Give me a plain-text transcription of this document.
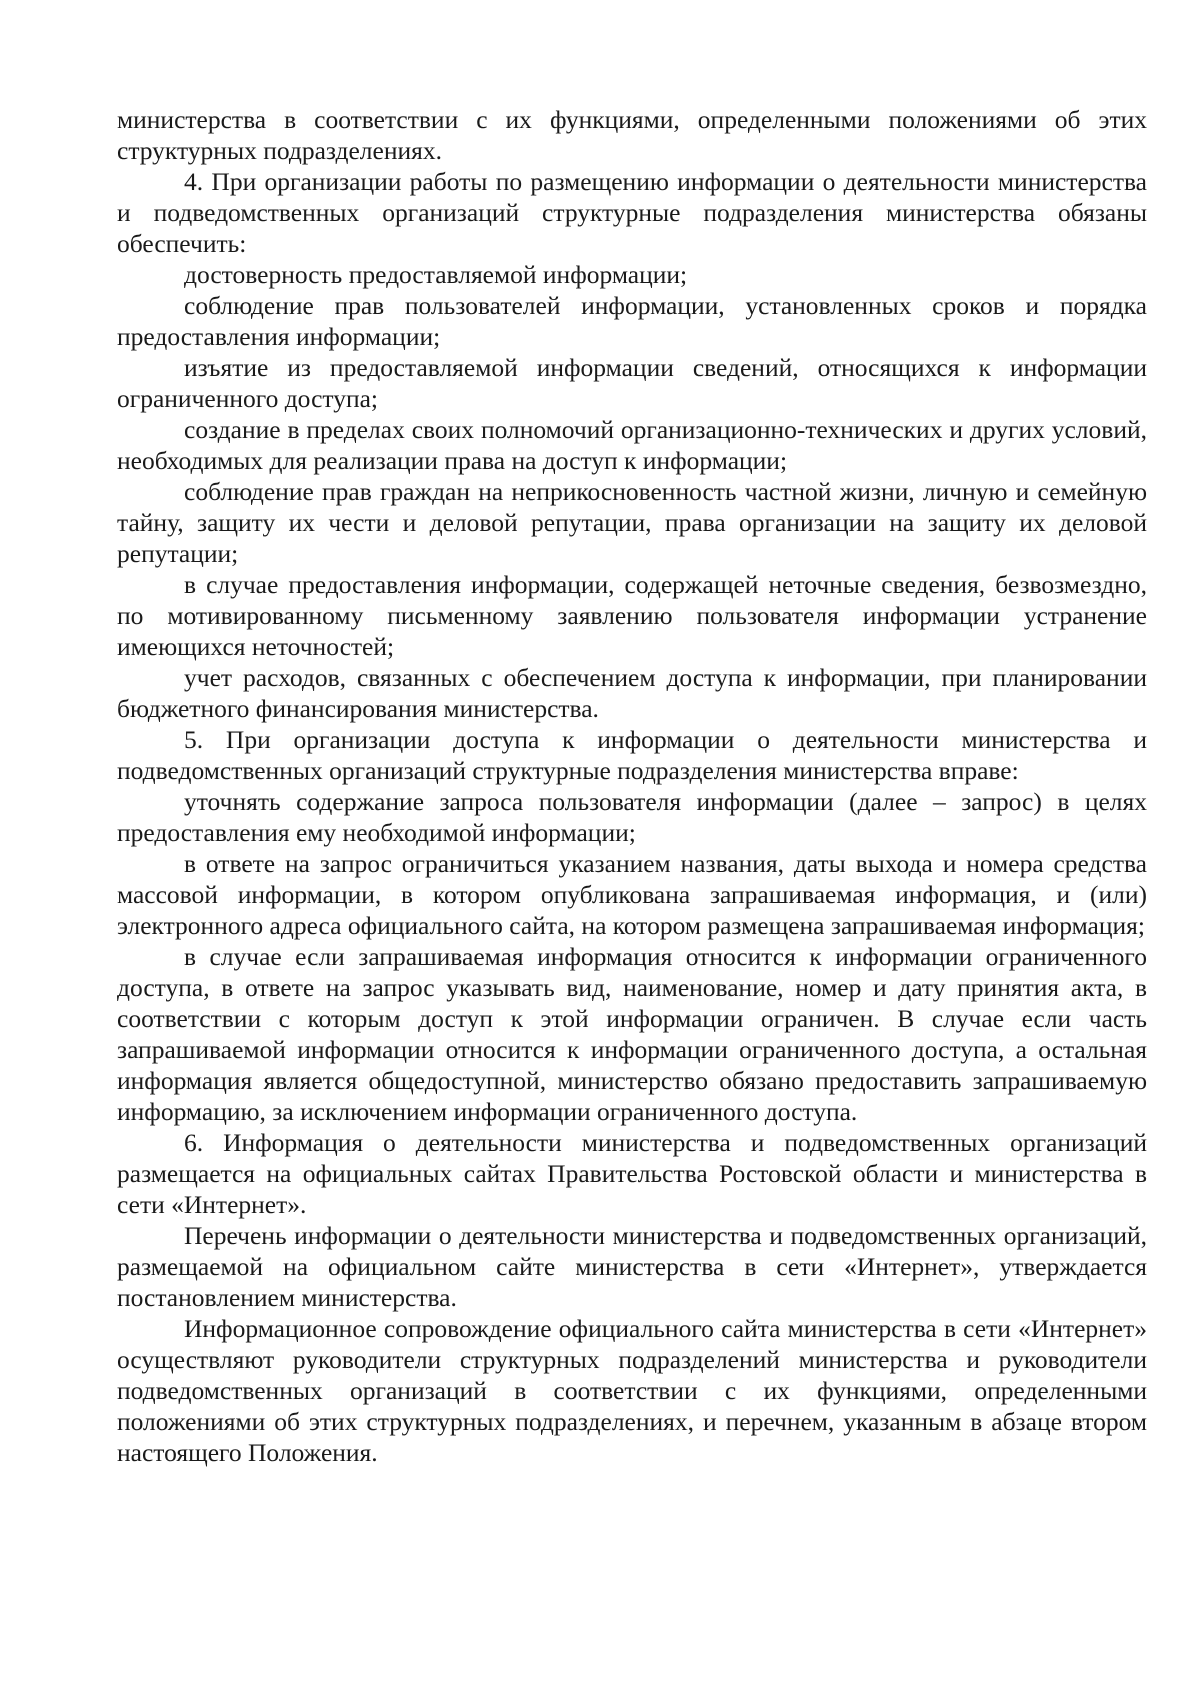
министерства в соответствии с их функциями, определенными положениями об этих структурных подразделениях.

4. При организации работы по размещению информации о деятельности министерства и подведомственных организаций структурные подразделения министерства обязаны обеспечить:

достоверность предоставляемой информации;

соблюдение прав пользователей информации, установленных сроков и порядка предоставления информации;

изъятие из предоставляемой информации сведений, относящихся к информации ограниченного доступа;

создание в пределах своих полномочий организационно-технических и других условий, необходимых для реализации права на доступ к информации;

соблюдение прав граждан на неприкосновенность частной жизни, личную и семейную тайну, защиту их чести и деловой репутации, права организации на защиту их деловой репутации;

в случае предоставления информации, содержащей неточные сведения, безвозмездно, по мотивированному письменному заявлению пользователя информации устранение имеющихся неточностей;

учет расходов, связанных с обеспечением доступа к информации, при планировании бюджетного финансирования министерства.

5. При организации доступа к информации о деятельности министерства и подведомственных организаций структурные подразделения министерства вправе:

уточнять содержание запроса пользователя информации (далее – запрос) в целях предоставления ему необходимой информации;

в ответе на запрос ограничиться указанием названия, даты выхода и номера средства массовой информации, в котором опубликована запрашиваемая информация, и (или) электронного адреса официального сайта, на котором размещена запрашиваемая информация;

в случае если запрашиваемая информация относится к информации ограниченного доступа, в ответе на запрос указывать вид, наименование, номер и дату принятия акта, в соответствии с которым доступ к этой информации ограничен. В случае если часть запрашиваемой информации относится к информации ограниченного доступа, а остальная информация является общедоступной, министерство обязано предоставить запрашиваемую информацию, за исключением информации ограниченного доступа.

6. Информация о деятельности министерства и подведомственных организаций размещается на официальных сайтах Правительства Ростовской области и министерства в сети «Интернет».

Перечень информации о деятельности министерства и подведомственных организаций, размещаемой на официальном сайте министерства в сети «Интернет», утверждается постановлением министерства.

Информационное сопровождение официального сайта министерства в сети «Интернет» осуществляют руководители структурных подразделений министерства и руководители подведомственных организаций в соответствии с их функциями, определенными положениями об этих структурных подразделениях, и перечнем, указанным в абзаце втором настоящего Положения.
